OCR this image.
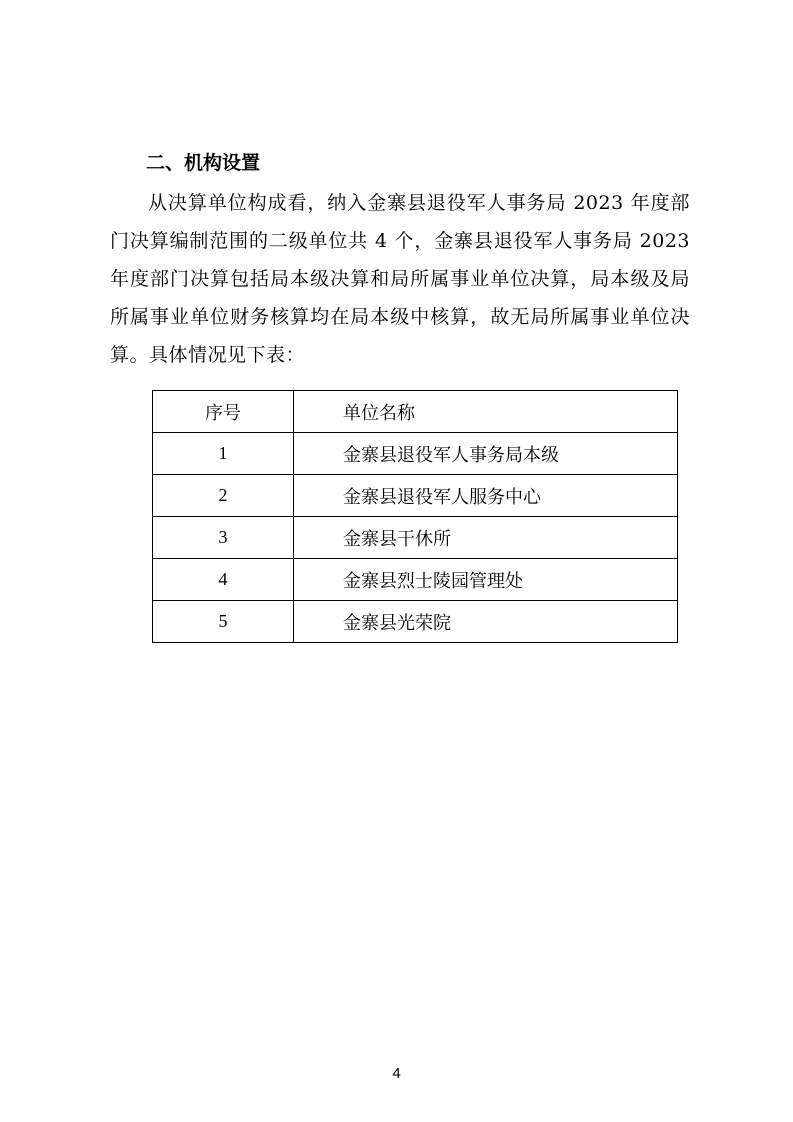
二、机构设置

从决算单位构成看，纳入金寨县退役军人事务局 2023 年度部门决算编制范围的二级单位共 4 个，金寨县退役军人事务局 2023 年度部门决算包括局本级决算和局所属事业单位决算，局本级及局所属事业单位财务核算均在局本级中核算，故无局所属事业单位决算。具体情况见下表：

序号	单位名称
1	金寨县退役军人事务局本级
2	金寨县退役军人服务中心
3	金寨县干休所
4	金寨县烈士陵园管理处
5	金寨县光荣院

4
